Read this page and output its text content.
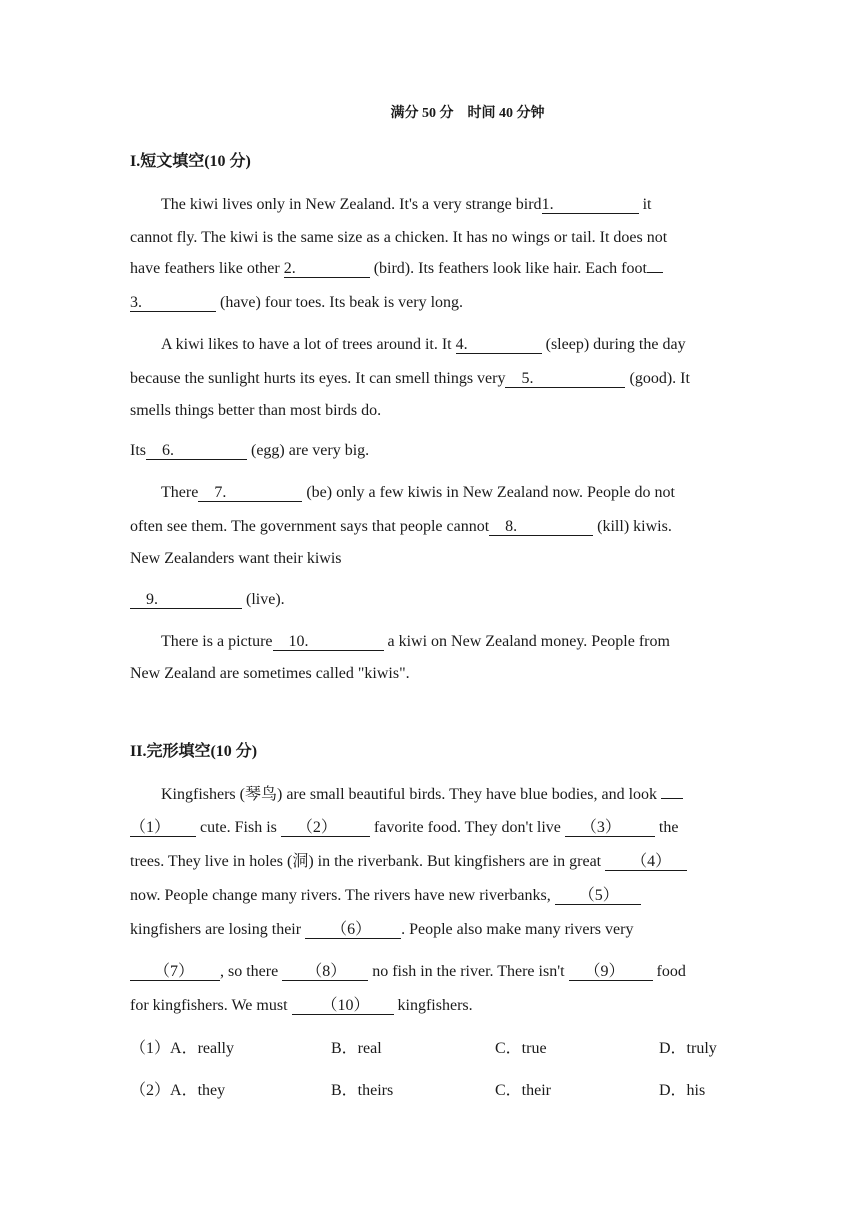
满分 50 分　时间 40 分钟
I.短文填空(10 分)
The kiwi lives only in New Zealand. It's a very strange bird1.	it
cannot fly. The kiwi is the same size as a chicken. It has no wings or tail. It does not
have feathers like other 2.	(bird). Its feathers look like hair. Each foot
3.	(have) four toes. Its beak is very long.
A kiwi likes to have a lot of trees around it. It 4.	(sleep) during the day
because the sunlight hurts its eyes. It can smell things very 5.	(good). It
smells things better than most birds do.
Its 6.	(egg) are very big.
There 7.	(be) only a few kiwis in New Zealand now. People do not
often see them. The government says that people cannot 8.	(kill) kiwis.
New Zealanders want their kiwis
9.	(live).
There is a picture 10.	a kiwi on New Zealand money. People from
New Zealand are sometimes called "kiwis".
II.完形填空(10 分)
Kingfishers (琴鸟) are small beautiful birds. They have blue bodies, and look
（1） cute. Fish is （2） favorite food. They don't live （3） the
trees. They live in holes (洞) in the riverbank. But kingfishers are in great （4）
now. People change many rivers. The rivers have new riverbanks, （5）
kingfishers are losing their （6） . People also make many rivers very
（7） , so there （8） no fish in the river. There isn't （9） food
for kingfishers. We must （10） kingfishers.
（1）A．really	B．real	C．true	D．truly
（2）A．they	B．theirs	C．their	D．his
